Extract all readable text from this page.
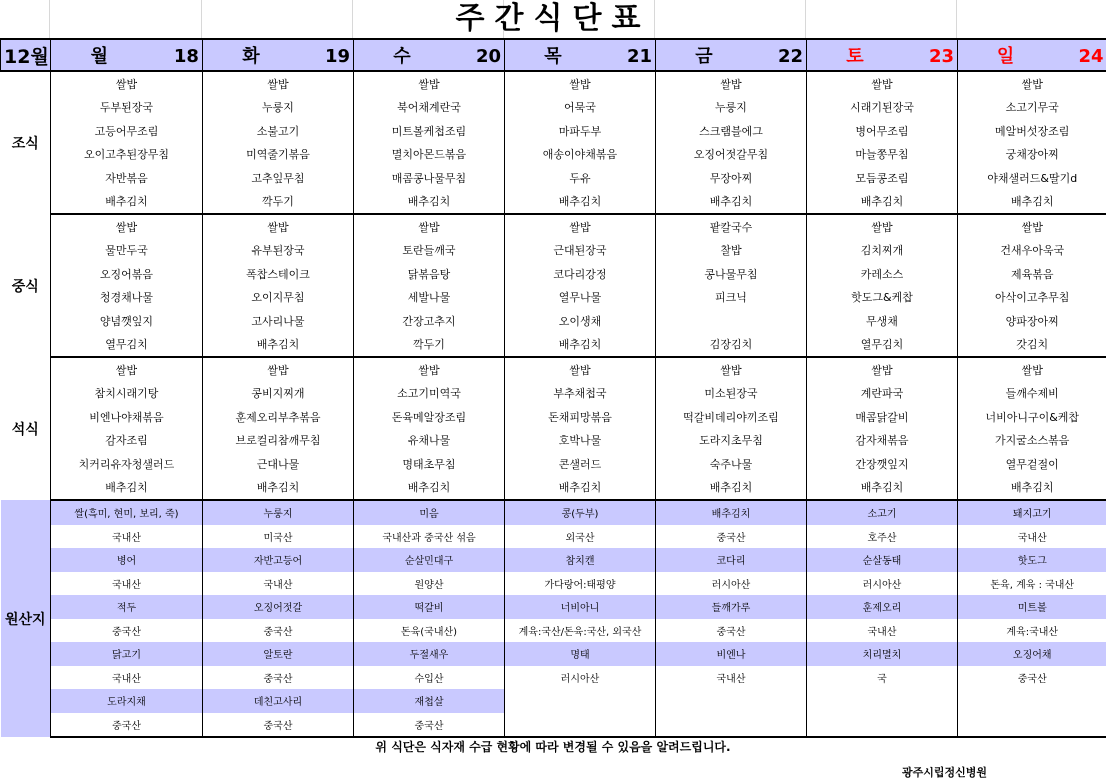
주간식단표
12월	월 18	화 19	수 20	목 21	금 22	토 23	일 24
조식	쌀밥	쌀밥	쌀밥	쌀밥	쌀밥	쌀밥	쌀밥
	두부된장국	누룽지	북어채계란국	어묵국	누룽지	시래기된장국	소고기무국
	고등어무조림	소불고기	미트볼케첩조림	마파두부	스크램블에그	병어무조림	메알버섯장조림
	오이고추된장무침	미역줄기볶음	멸치아몬드볶음	애송이야채볶음	오징어젓갈무침	마늘쫑무침	궁채장아찌
	자반볶음	고추잎무침	매콤콩나물무침	두유	무장아찌	모듬콩조림	야채샐러드&딸기d
	배추김치	깍두기	배추김치	배추김치	배추김치	배추김치	배추김치
중식	쌀밥	쌀밥	쌀밥	쌀밥	팥칼국수	쌀밥	쌀밥
	물만두국	유부된장국	토란들깨국	근대된장국	찰밥	김치찌개	건새우아욱국
	오징어볶음	폭찹스테이크	닭볶음탕	코다리강정	콩나물무침	카레소스	제육볶음
	청경채나물	오이지무침	세발나물	열무나물	피크닉	핫도그&케찹	아삭이고추무침
	양념깻잎지	고사리나물	간장고추지	오이생채		무생채	양파장아찌
	열무김치	배추김치	깍두기	배추김치	김장김치	열무김치	갓김치
석식	쌀밥	쌀밥	쌀밥	쌀밥	쌀밥	쌀밥	쌀밥
	참치시래기탕	콩비지찌개	소고기미역국	부추채첩국	미소된장국	계란파국	들깨수제비
	비엔나야채볶음	훈제오리부추볶음	돈육메알장조림	돈채피망볶음	떡갈비데리야끼조림	매콤닭갈비	너비아니구이&케찹
	감자조림	브로컬리참깨무침	유채나물	호박나물	도라지초무침	감자채볶음	가지굴소스볶음
	치커리유자청샐러드	근대나물	명태초무침	콘샐러드	숙주나물	간장깻잎지	열무겉절이
	배추김치	배추김치	배추김치	배추김치	배추김치	배추김치	배추김치
원산지	쌀(흑미, 현미, 보리, 죽)	누룽지	미음	콩(두부)	배추김치	소고기	돼지고기
	국내산	미국산	국내산과 중국산 섞음	외국산	중국산	호주산	국내산
	병어	자반고등어	순살민대구	참치캔	코다리	순살동태	핫도그
	국내산	국내산	원양산	가다랑어:태평양	러시아산	러시아산	돈육, 계육 : 국내산
	적두	오징어젓갈	떡갈비	너비아니	들깨가루	훈제오리	미트볼
	중국산	중국산	돈육(국내산)	계육:국산/돈육:국산, 외국산	중국산	국내산	계육:국내산
	닭고기	알토란	두절새우	명태	비엔나	치리멸치	오징어채
	국내산	중국산	수입산	러시아산	국내산	국	중국산
	도라지채	데친고사리	재첩살				
	중국산	중국산	중국산				
위 식단은 식자재 수급 현황에 따라 변경될 수 있음을 알려드립니다.
광주시립정신병원
